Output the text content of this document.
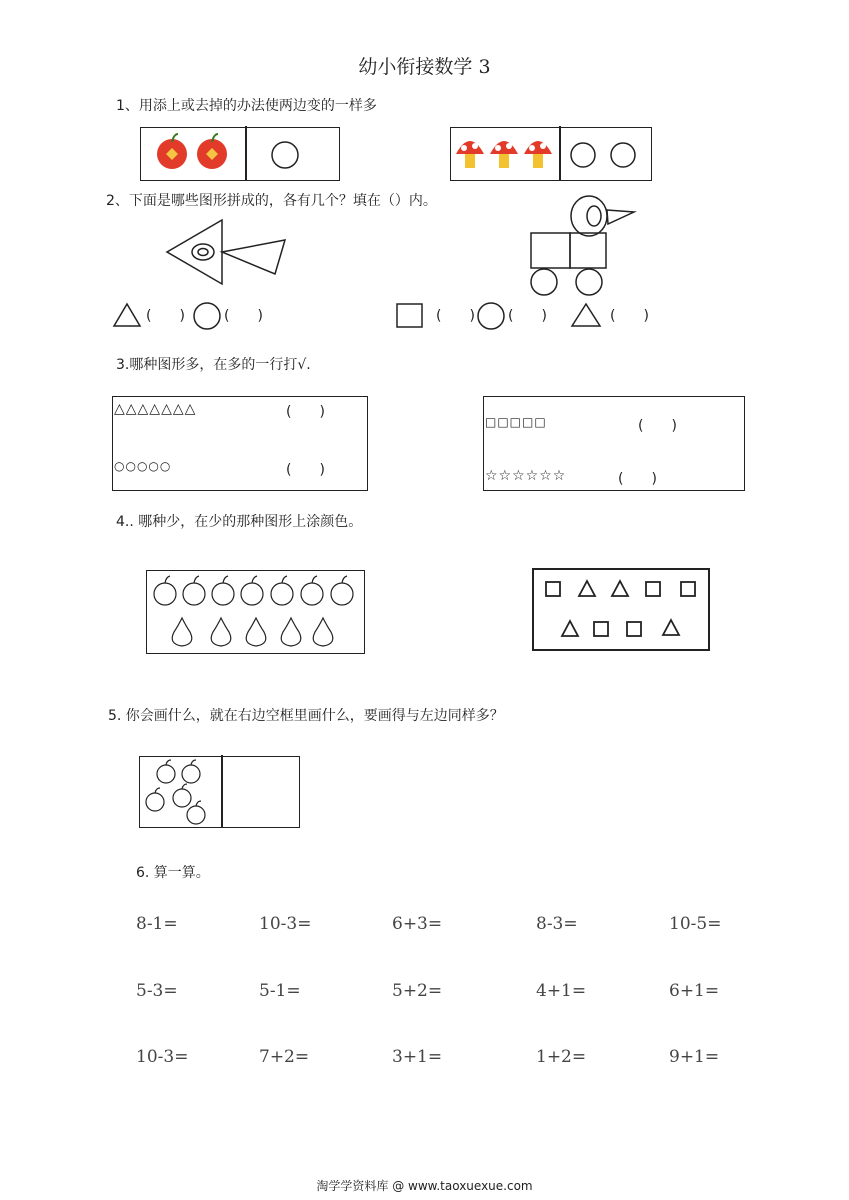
幼小衔接数学 3
1、用添上或去掉的办法使两边变的一样多
2、下面是哪些图形拼成的，各有几个？填在（）内。
(　　)	(　　)	(　　) (　　)	(　　)
3.哪种图形多，在多的一行打√.
△△△△△△△	(　　)
○○○○○	(　　)
□□□□□	(　　)
☆☆☆☆☆☆	(　　)
4.. 哪种少，在少的那种图形上涂颜色。
5. 你会画什么，就在右边空框里画什么，要画得与左边同样多？
6. 算一算。
8-1=	10-3=	6+3=	8-3=	10-5=
5-3=	5-1=	5+2=	4+1=	6+1=
10-3=	7+2=	3+1=	1+2=	9+1=
淘学学资料库 @ www.taoxuexue.com
